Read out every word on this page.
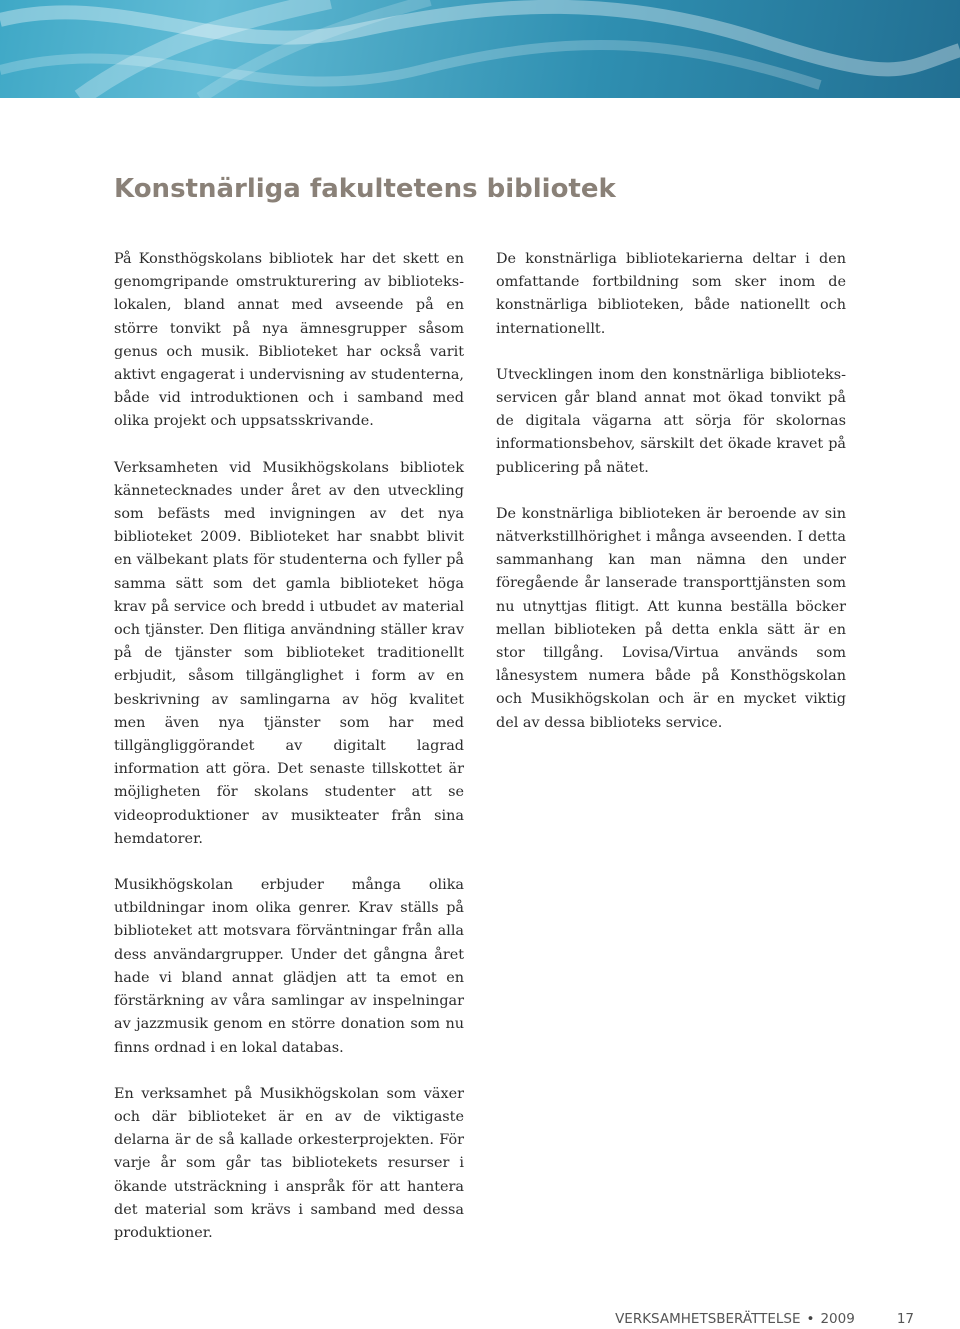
Konstnärliga fakultetens bibliotek

På Konsthögskolans bibliotek har det skett en genomgripande omstrukturering av bibliotekslokalen, bland annat med avseende på en större tonvikt på nya ämnesgrupper såsom genus och musik. Biblioteket har också varit aktivt engagerat i undervisning av studenterna, både vid introduktionen och i samband med olika projekt och uppsatsskrivande.

Verksamheten vid Musikhögskolans bibliotek kännetecknades under året av den utveckling som befästs med invigningen av det nya biblioteket 2009. Biblioteket har snabbt blivit en välbekant plats för studenterna och fyller på samma sätt som det gamla biblioteket höga krav på service och bredd i utbudet av material och tjänster. Den flitiga användning ställer krav på de tjänster som biblioteket traditionellt erbjudit, såsom tillgänglighet i form av en beskrivning av samlingarna av hög kvalitet men även nya tjänster som har med tillgängliggörandet av digitalt lagrad information att göra. Det senaste tillskottet är möjligheten för skolans studenter att se videoproduktioner av musikteater från sina hemdatorer.

Musikhögskolan erbjuder många olika utbildningar inom olika genrer. Krav ställs på biblioteket att motsvara förväntningar från alla dess användargrupper. Under det gångna året hade vi bland annat glädjen att ta emot en förstärkning av våra samlingar av inspelningar av jazzmusik genom en större donation som nu finns ordnad i en lokal databas.

En verksamhet på Musikhögskolan som växer och där biblioteket är en av de viktigaste delarna är de så kallade orkesterprojekten. För varje år som går tas bibliotekets resurser i ökande utsträckning i anspråk för att hantera det material som krävs i samband med dessa produktioner.

De konstnärliga bibliotekarierna deltar i den omfattande fortbildning som sker inom de konstnärliga biblioteken, både nationellt och internationellt.

Utvecklingen inom den konstnärliga biblioteksservicen går bland annat mot ökad tonvikt på de digitala vägarna att sörja för skolornas informationsbehov, särskilt det ökade kravet på publicering på nätet.

De konstnärliga biblioteken är beroende av sin nätverkstillhörighet i många avseenden. I detta sammanhang kan man nämna den under föregående år lanserade transporttjänsten som nu utnyttjas flitigt. Att kunna beställa böcker mellan biblioteken på detta enkla sätt är en stor tillgång. Lovisa/Virtua används som lånesystem numera både på Konsthögskolan och Musikhögskolan och är en mycket viktig del av dessa biblioteks service.

VERKSAMHETSBERÄTTELSE • 2009	17
